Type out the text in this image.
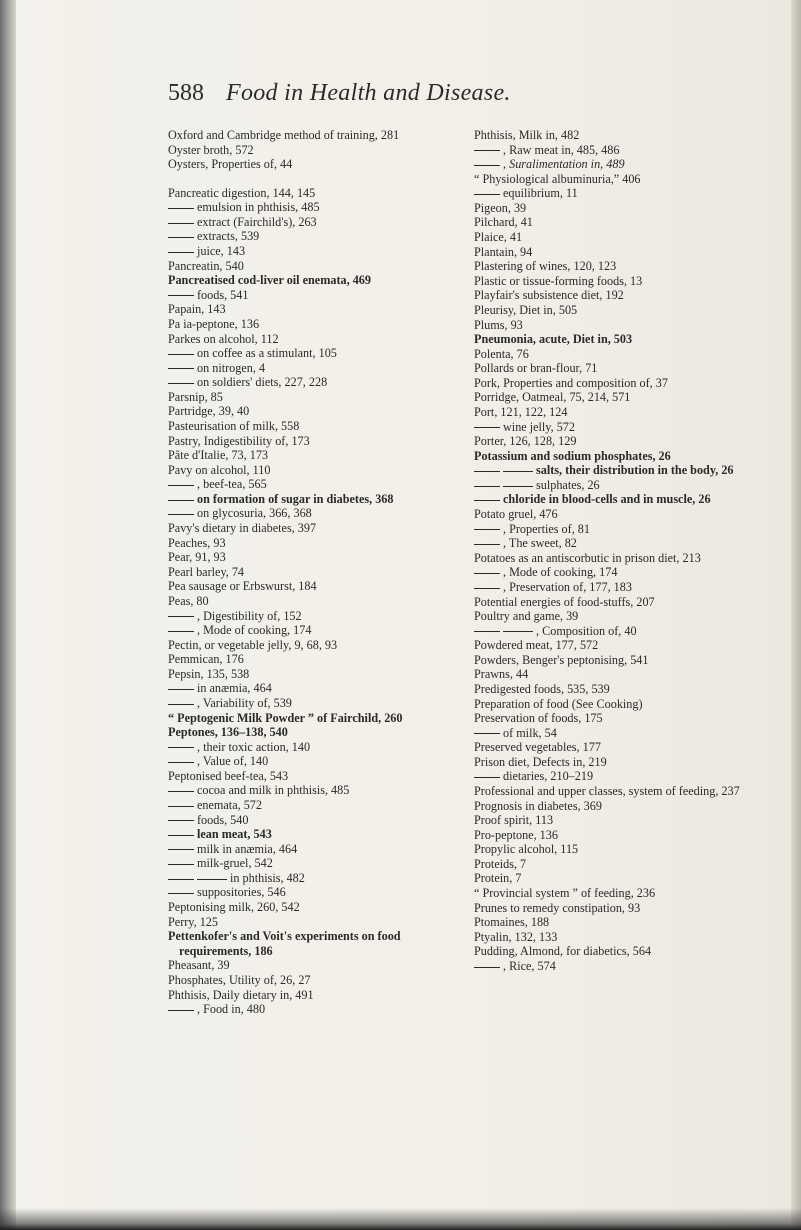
588 Food in Health and Disease.

Oxford and Cambridge method of training, 281

Oyster broth, 572

Oysters, Properties of, 44

Pancreatic digestion, 144, 145

emulsion in phthisis, 485

extract (Fairchild's), 263

extracts, 539

juice, 143

Pancreatin, 540

Pancreatised cod-liver oil enemata, 469

foods, 541

Papain, 143

Pa ia-peptone, 136

Parkes on alcohol, 112

on coffee as a stimulant, 105

on nitrogen, 4

on soldiers' diets, 227, 228

Parsnip, 85

Partridge, 39, 40

Pasteurisation of milk, 558

Pastry, Indigestibility of, 173

Pâte d'Italie, 73, 173

Pavy on alcohol, 110

, beef-tea, 565

on formation of sugar in diabetes, 368

on glycosuria, 366, 368

Pavy's dietary in diabetes, 397

Peaches, 93

Pear, 91, 93

Pearl barley, 74

Pea sausage or Erbswurst, 184

Peas, 80

, Digestibility of, 152

, Mode of cooking, 174

Pectin, or vegetable jelly, 9, 68, 93

Pemmican, 176

Pepsin, 135, 538

in anæmia, 464

, Variability of, 539

“ Peptogenic Milk Powder ” of Fairchild, 260

Peptones, 136–138, 540

, their toxic action, 140

, Value of, 140

Peptonised beef-tea, 543

cocoa and milk in phthisis, 485

enemata, 572

foods, 540

lean meat, 543

milk in anæmia, 464

milk-gruel, 542

in phthisis, 482

suppositories, 546

Peptonising milk, 260, 542

Perry, 125

Pettenkofer's and Voit's experiments on food requirements, 186

Pheasant, 39

Phosphates, Utility of, 26, 27

Phthisis, Daily dietary in, 491

, Food in, 480

Phthisis, Milk in, 482

, Raw meat in, 485, 486

, Suralimentation in, 489

“ Physiological albuminuria,” 406

equilibrium, 11

Pigeon, 39

Pilchard, 41

Plaice, 41

Plantain, 94

Plastering of wines, 120, 123

Plastic or tissue-forming foods, 13

Playfair's subsistence diet, 192

Pleurisy, Diet in, 505

Plums, 93

Pneumonia, acute, Diet in, 503

Polenta, 76

Pollards or bran-flour, 71

Pork, Properties and composition of, 37

Porridge, Oatmeal, 75, 214, 571

Port, 121, 122, 124

wine jelly, 572

Porter, 126, 128, 129

Potassium and sodium phosphates, 26

salts, their distribution in the body, 26

sulphates, 26

chloride in blood-cells and in muscle, 26

Potato gruel, 476

, Properties of, 81

, The sweet, 82

Potatoes as an antiscorbutic in prison diet, 213

, Mode of cooking, 174

, Preservation of, 177, 183

Potential energies of food-stuffs, 207

Poultry and game, 39

, Composition of, 40

Powdered meat, 177, 572

Powders, Benger's peptonising, 541

Prawns, 44

Predigested foods, 535, 539

Preparation of food (See Cooking)

Preservation of foods, 175

of milk, 54

Preserved vegetables, 177

Prison diet, Defects in, 219

dietaries, 210–219

Professional and upper classes, system of feeding, 237

Prognosis in diabetes, 369

Proof spirit, 113

Pro-peptone, 136

Propylic alcohol, 115

Proteids, 7

Protein, 7

“ Provincial system ” of feeding, 236

Prunes to remedy constipation, 93

Ptomaines, 188

Ptyalin, 132, 133

Pudding, Almond, for diabetics, 564

, Rice, 574
